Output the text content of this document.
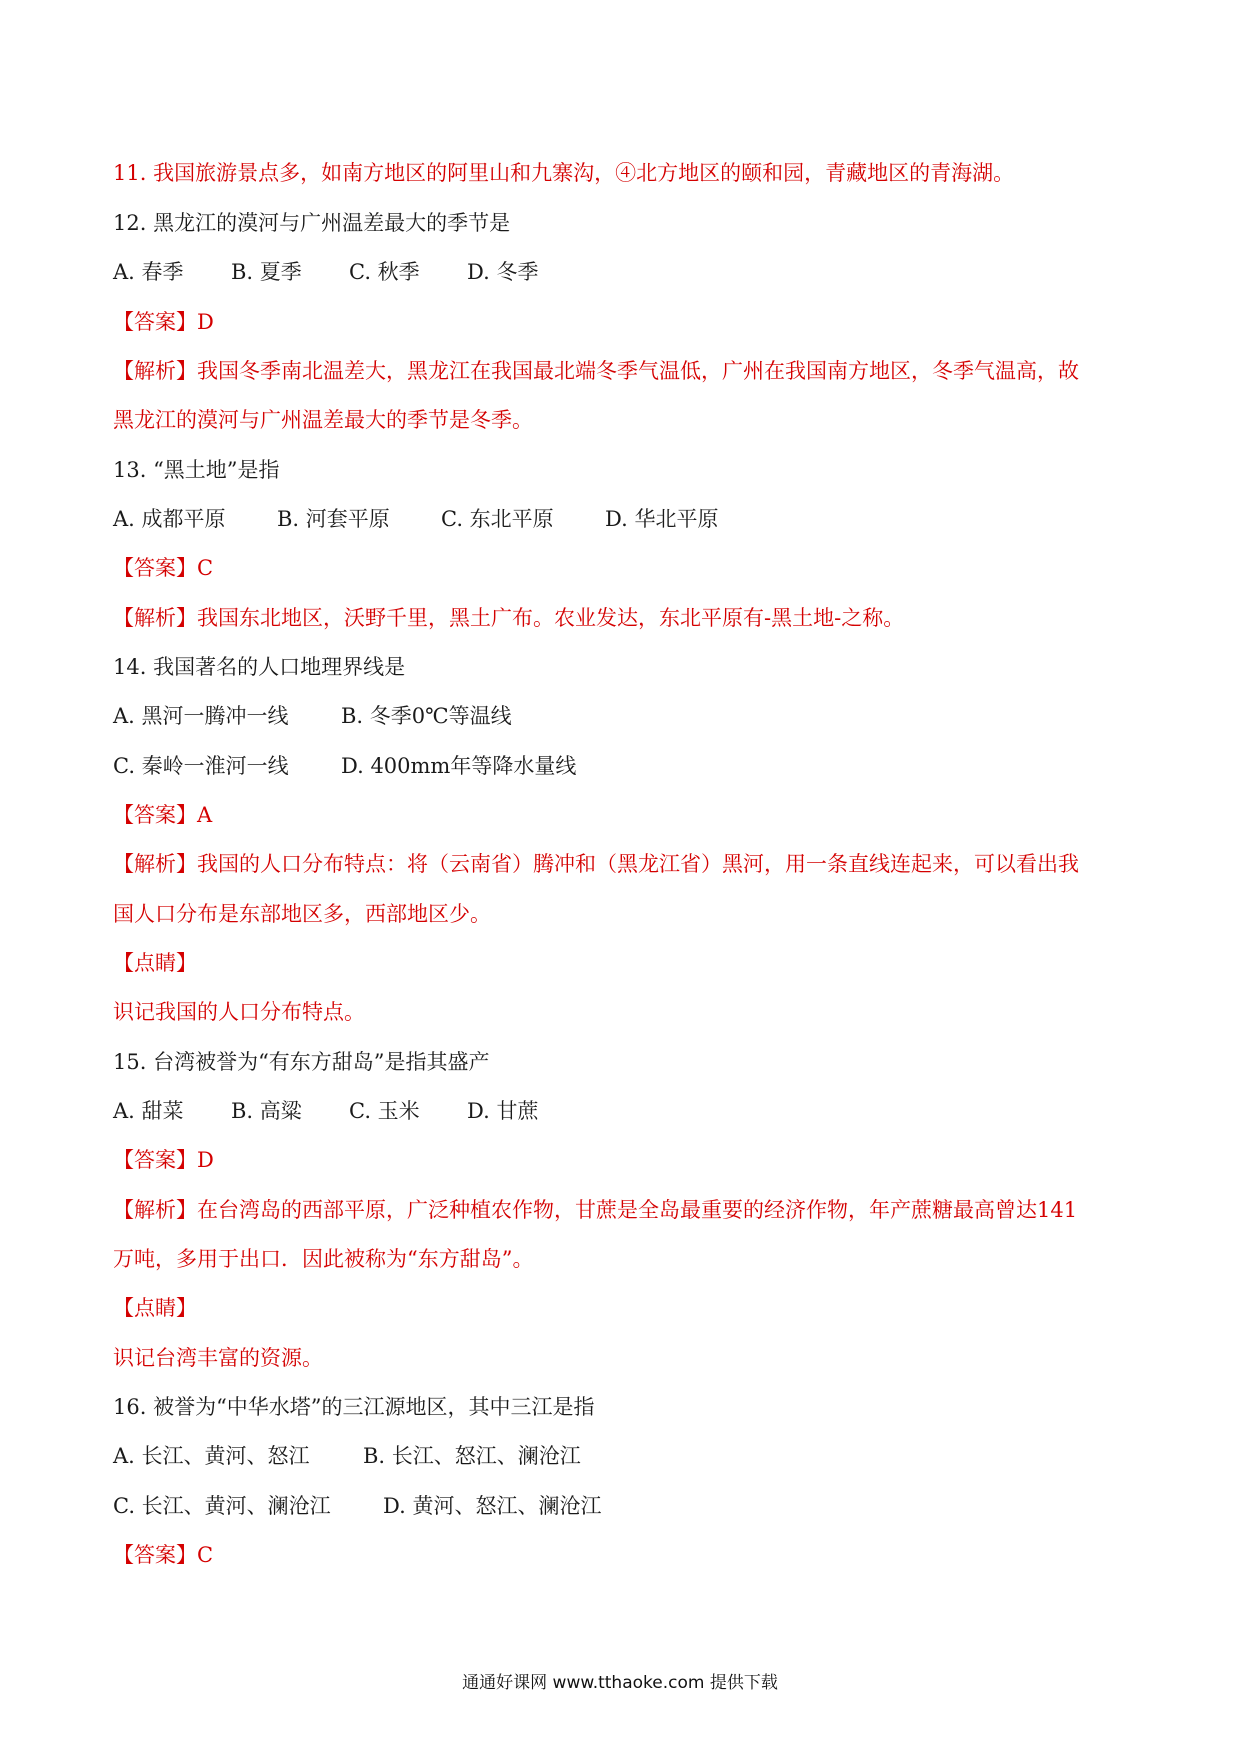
11. 我国旅游景点多，如南方地区的阿里山和九寨沟，④北方地区的颐和园，青藏地区的青海湖。
12. 黑龙江的漠河与广州温差最大的季节是
A. 春季 B. 夏季 C. 秋季 D. 冬季
【答案】D
【解析】我国冬季南北温差大，黑龙江在我国最北端冬季气温低，广州在我国南方地区，冬季气温高，故
黑龙江的漠河与广州温差最大的季节是冬季。
13. “黑土地”是指
A. 成都平原 B. 河套平原 C. 东北平原 D. 华北平原
【答案】C
【解析】我国东北地区，沃野千里，黑土广布。农业发达，东北平原有-黑土地-之称。
14. 我国著名的人口地理界线是
A. 黑河一腾冲一线 B. 冬季0℃等温线
C. 秦岭一淮河一线 D. 400mm年等降水量线
【答案】A
【解析】我国的人口分布特点：将（云南省）腾冲和（黑龙江省）黑河，用一条直线连起来，可以看出我
国人口分布是东部地区多，西部地区少。
【点睛】
识记我国的人口分布特点。
15. 台湾被誉为“有东方甜岛”是指其盛产
A. 甜菜 B. 高粱 C. 玉米 D. 甘蔗
【答案】D
【解析】在台湾岛的西部平原，广泛种植农作物，甘蔗是全岛最重要的经济作物，年产蔗糖最高曾达141
万吨，多用于出口．因此被称为“东方甜岛”。
【点睛】
识记台湾丰富的资源。
16. 被誉为“中华水塔”的三江源地区，其中三江是指
A. 长江、黄河、怒江	B. 长江、怒江、澜沧江
C. 长江、黄河、澜沧江 D. 黄河、怒江、澜沧江
【答案】C
通通好课网 www.tthaoke.com 提供下载
